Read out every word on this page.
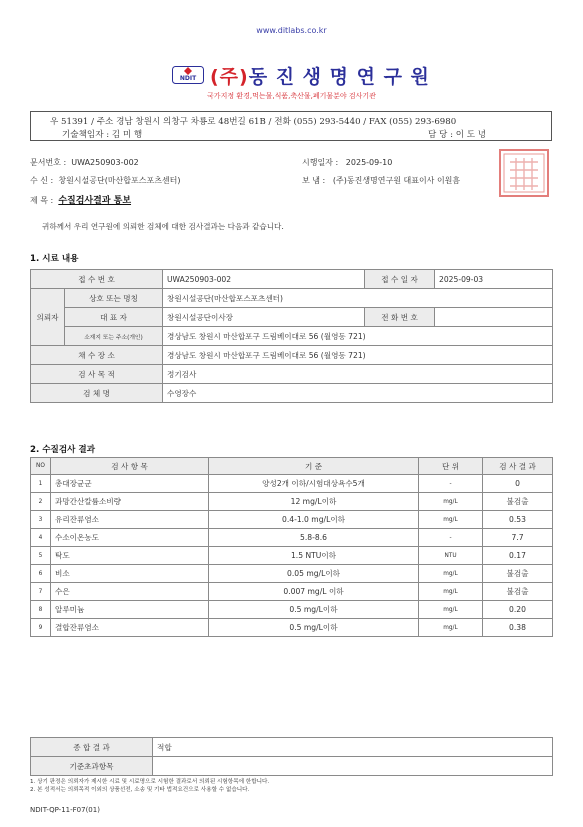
www.ditlabs.co.kr
NDIT (주)동 진 생 명 연 구 원
국가지정 환경,먹는물,식품,축산물,폐기물분야 검사기관
우 51391 / 주소 경남 창원시 의창구 차룡로 48번길 61B / 전화 (055) 293-5440 / FAX (055) 293-6980
기술책임자 : 김 미 행	담 당 : 이 도 녕
문서번호 : UWA250903-002	시행일자 : 2025-09-10
수 신 : 창원시설공단(마산합포스포츠센터)	보 냄 : (주)동진생명연구원 대표이사 이원흠
제 목 : 수질검사결과 통보
귀하께서 우리 연구원에 의뢰한 검체에 대한 검사결과는 다음과 같습니다.
1. 시료 내용
접 수 번 호		UWA250903-002	접 수 일 자	2025-09-03
의뢰자	상호 또는 명칭	창원시설공단(마산합포스포츠센터)		
	대 표 자	창원시설공단이사장	전 화 번 호	
	소재지 또는 주소(개인)	경상남도 창원시 마산합포구 드림베이대로 56 (월영동 721)		
채 수 장 소		경상남도 창원시 마산합포구 드림베이대로 56 (월영동 721)		
검 사 목 적		정기검사		
검 체 명		수영장수		
2. 수질검사 결과
NO	검 사 항 목	기 준	단 위	검 사 결 과
1	총대장균군	양성2개 이하/시험대상욕수5개	-	0
2	과망간산칼륨소비량	12 mg/L이하	mg/L	불검출
3	유리잔류염소	0.4-1.0 mg/L이하	mg/L	0.53
4	수소이온농도	5.8-8.6	-	7.7
5	탁도	1.5 NTU이하	NTU	0.17
6	비소	0.05 mg/L이하	mg/L	불검출
7	수은	0.007 mg/L 이하	mg/L	불검출
8	알루미늄	0.5 mg/L이하	mg/L	0.20
9	결합잔류염소	0.5 mg/L이하	mg/L	0.38
종 합 결 과	적합
기준초과항목	
1. 상기 판정은 의뢰자가 제시한 시료 및 시료명으로 시험한 결과로서 의뢰된 시험항목에 한합니다.
2. 본 성적서는 의뢰목적 이외의 상품선전, 소송 및 기타 법적요건으로 사용할 수 없습니다.
NDIT-QP-11-F07(01)
